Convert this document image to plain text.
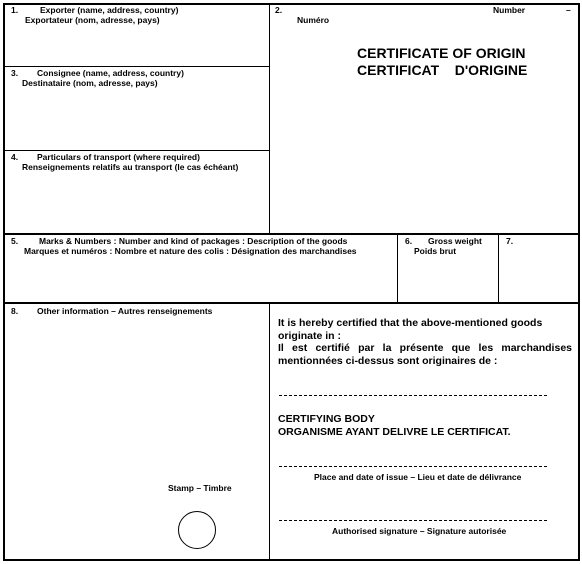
1.	Exporter (name, address, country)
Exportateur (nom, adresse, pays)
2.	Number	–
Numéro
CERTIFICATE OF ORIGIN
CERTIFICAT    D'ORIGINE
3. Consignee (name, address, country)
Destinataire (nom, adresse, pays)
4. Particulars of transport (where required)
Renseignements relatifs au transport (le cas échéant)
5. Marks & Numbers : Number and kind of packages : Description of the goods
Marques et numéros : Nombre et nature des colis : Désignation des marchandises
6. Gross weight
Poids brut
7.
8. Other information – Autres renseignements
Stamp – Timbre
It is hereby certified that the above-mentioned goods originate in :
Il est certifié par la présente que les marchandises mentionnées ci-dessus sont originaires de :
CERTIFYING BODY
ORGANISME AYANT DELIVRE LE CERTIFICAT.
Place and date of issue – Lieu et date de délivrance
Authorised signature – Signature autorisée
